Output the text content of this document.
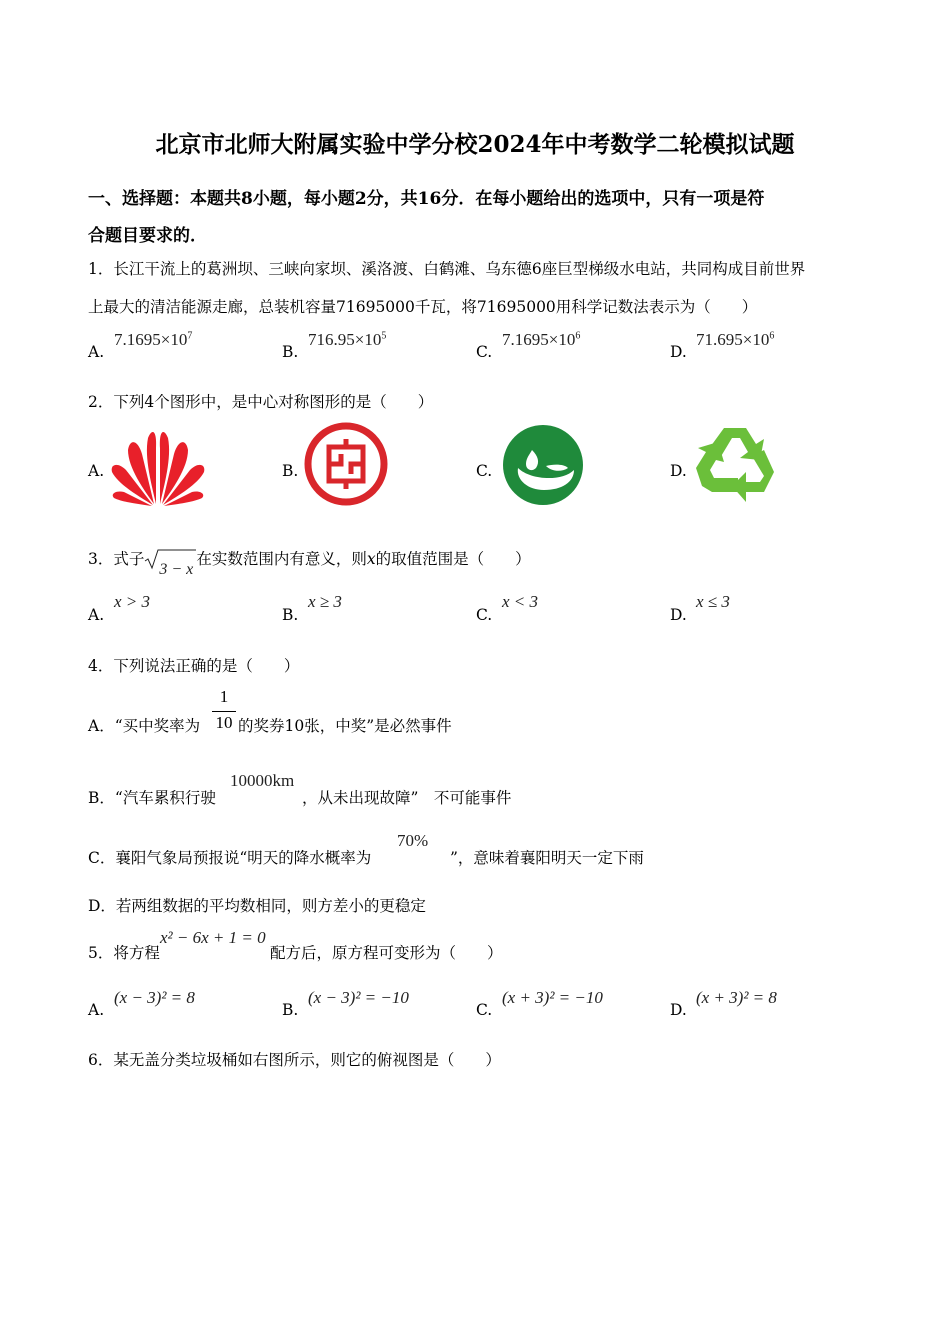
北京市北师大附属实验中学分校2024年中考数学二轮模拟试题
一、选择题：本题共8小题，每小题2分，共16分．在每小题给出的选项中，只有一项是符
合题目要求的．
1．长江干流上的葛洲坝、三峡向家坝、溪洛渡、白鹤滩、乌东德6座巨型梯级水电站，共同构成目前世界
上最大的清洁能源走廊，总装机容量71695000千瓦，将71695000用科学记数法表示为（　　）
A.
$7.1695\times 10^7$
B.
$716.95\times 10^5$
C.
$7.1695\times 10^6$
D.
$71.695\times 10^6$
2．下列4个图形中，是中心对称图形的是（　　）
A.	B.	C.	D.
3．式子
3 − x
在实数范围内有意义，则x的取值范围是（　　）
A.
x > 3
B.
x ≥ 3
C.
x < 3
D.
x ≤ 3
4．下列说法正确的是（　　）
A．“买中奖率为
1
10 的奖券10张，中奖”是必然事件
B．“汽车累积行驶
10000km
，从未出现故障”　不可能事件
C．襄阳气象局预报说“明天的降水概率为
70%
”，意味着襄阳明天一定下雨
D．若两组数据的平均数相同，则方差小的更稳定
5．将方程
x² − 6x + 1 = 0
配方后，原方程可变形为（　　）
A.
(x − 3)² = 8
B.
(x − 3)² = −10
C.
(x + 3)² = −10
D.
(x + 3)² = 8
6．某无盖分类垃圾桶如右图所示，则它的俯视图是（　　）
